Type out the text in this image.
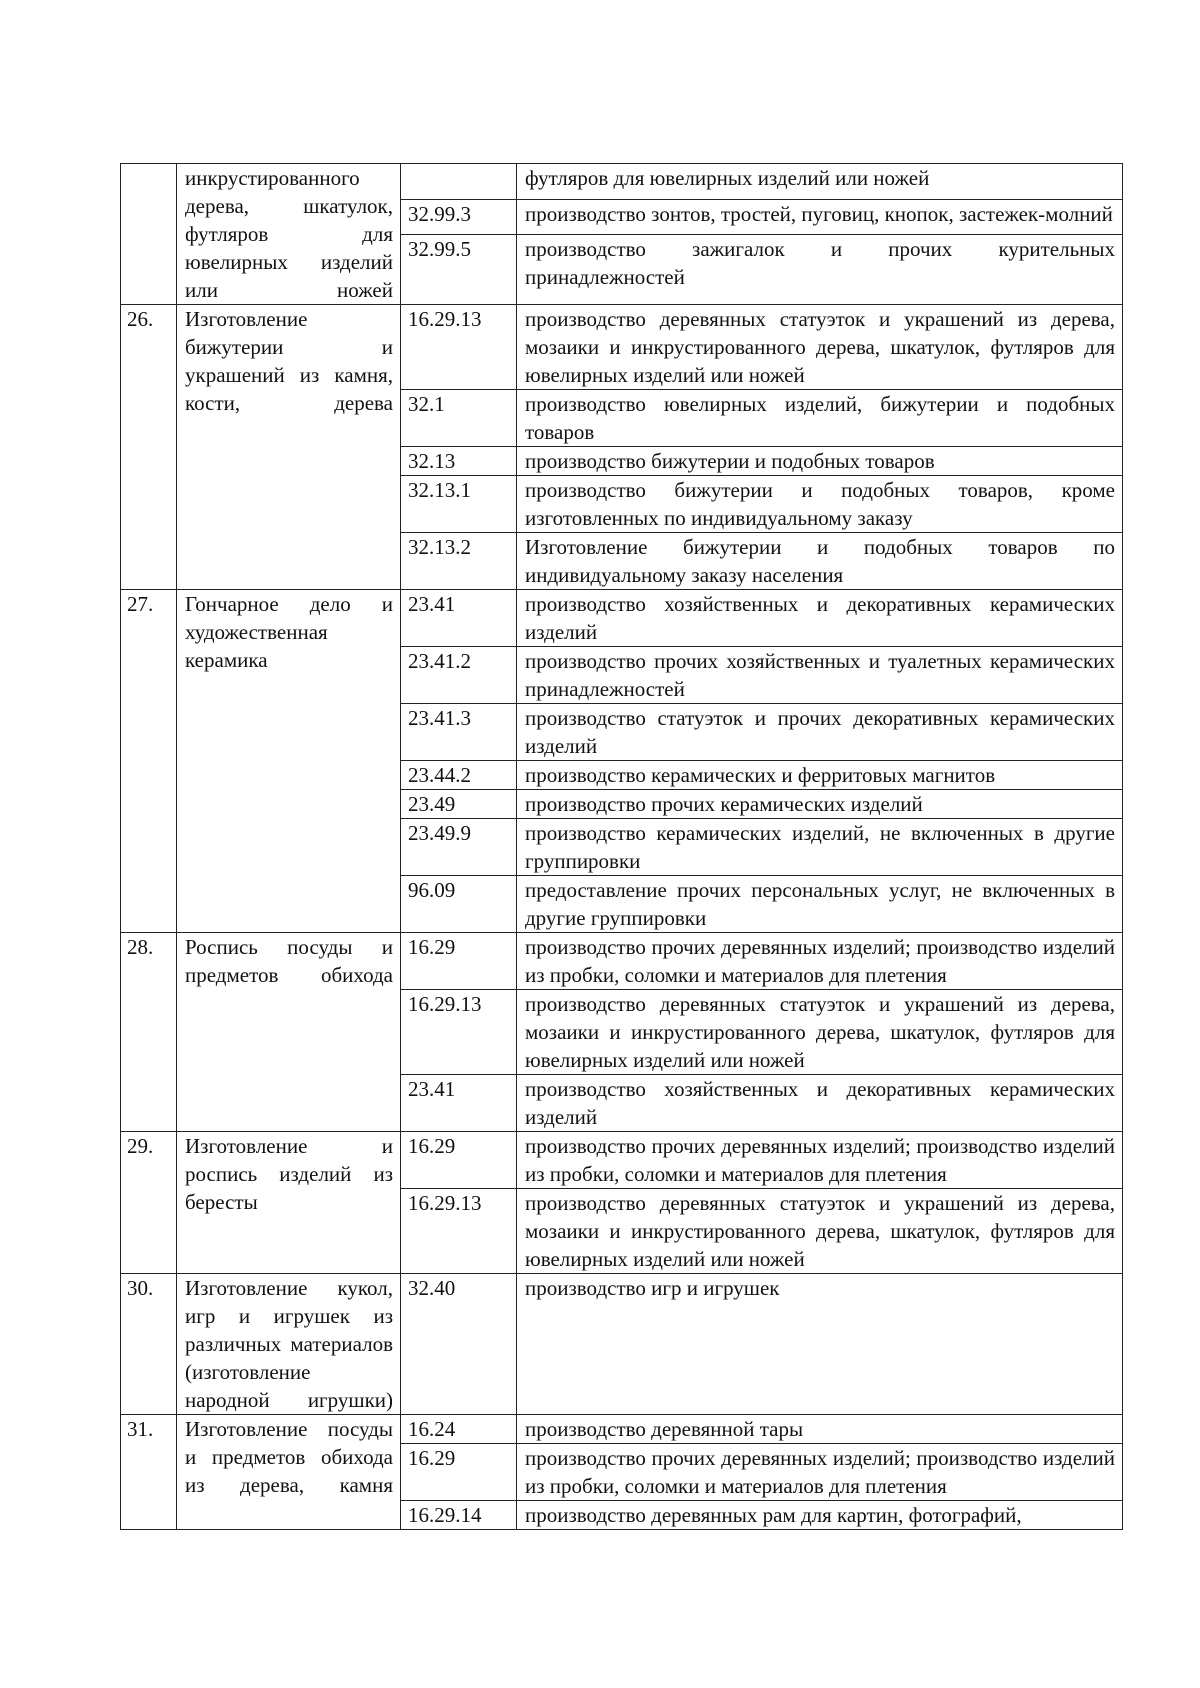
	инкрустированного дерева, шкатулок, футляров для ювелирных изделий или ножей		футляров для ювелирных изделий или ножей
		32.99.3	производство зонтов, тростей, пуговиц, кнопок, застежек-молний
		32.99.5	производство зажигалок и прочих курительных принадлежностей
26.	Изготовление бижутерии и украшений из камня, кости, дерева	16.29.13	производство деревянных статуэток и украшений из дерева, мозаики и инкрустированного дерева, шкатулок, футляров для ювелирных изделий или ножей
		32.1	производство ювелирных изделий, бижутерии и подобных товаров
		32.13	производство бижутерии и подобных товаров
		32.13.1	производство бижутерии и подобных товаров, кроме изготовленных по индивидуальному заказу
		32.13.2	Изготовление бижутерии и подобных товаров по индивидуальному заказу населения
27.	Гончарное дело и художественная керамика	23.41	производство хозяйственных и декоративных керамических изделий
		23.41.2	производство прочих хозяйственных и туалетных керамических принадлежностей
		23.41.3	производство статуэток и прочих декоративных керамических изделий
		23.44.2	производство керамических и ферритовых магнитов
		23.49	производство прочих керамических изделий
		23.49.9	производство керамических изделий, не включенных в другие группировки
		96.09	предоставление прочих персональных услуг, не включенных в другие группировки
28.	Роспись посуды и предметов обихода	16.29	производство прочих деревянных изделий; производство изделий из пробки, соломки и материалов для плетения
		16.29.13	производство деревянных статуэток и украшений из дерева, мозаики и инкрустированного дерева, шкатулок, футляров для ювелирных изделий или ножей
		23.41	производство хозяйственных и декоративных керамических изделий
29.	Изготовление и роспись изделий из бересты	16.29	производство прочих деревянных изделий; производство изделий из пробки, соломки и материалов для плетения
		16.29.13	производство деревянных статуэток и украшений из дерева, мозаики и инкрустированного дерева, шкатулок, футляров для ювелирных изделий или ножей
30.	Изготовление кукол, игр и игрушек из различных материалов (изготовление народной игрушки)	32.40	производство игр и игрушек
31.	Изготовление посуды и предметов обихода из дерева, камня	16.24	производство деревянной тары
		16.29	производство прочих деревянных изделий; производство изделий из пробки, соломки и материалов для плетения
		16.29.14	производство деревянных рам для картин, фотографий,
